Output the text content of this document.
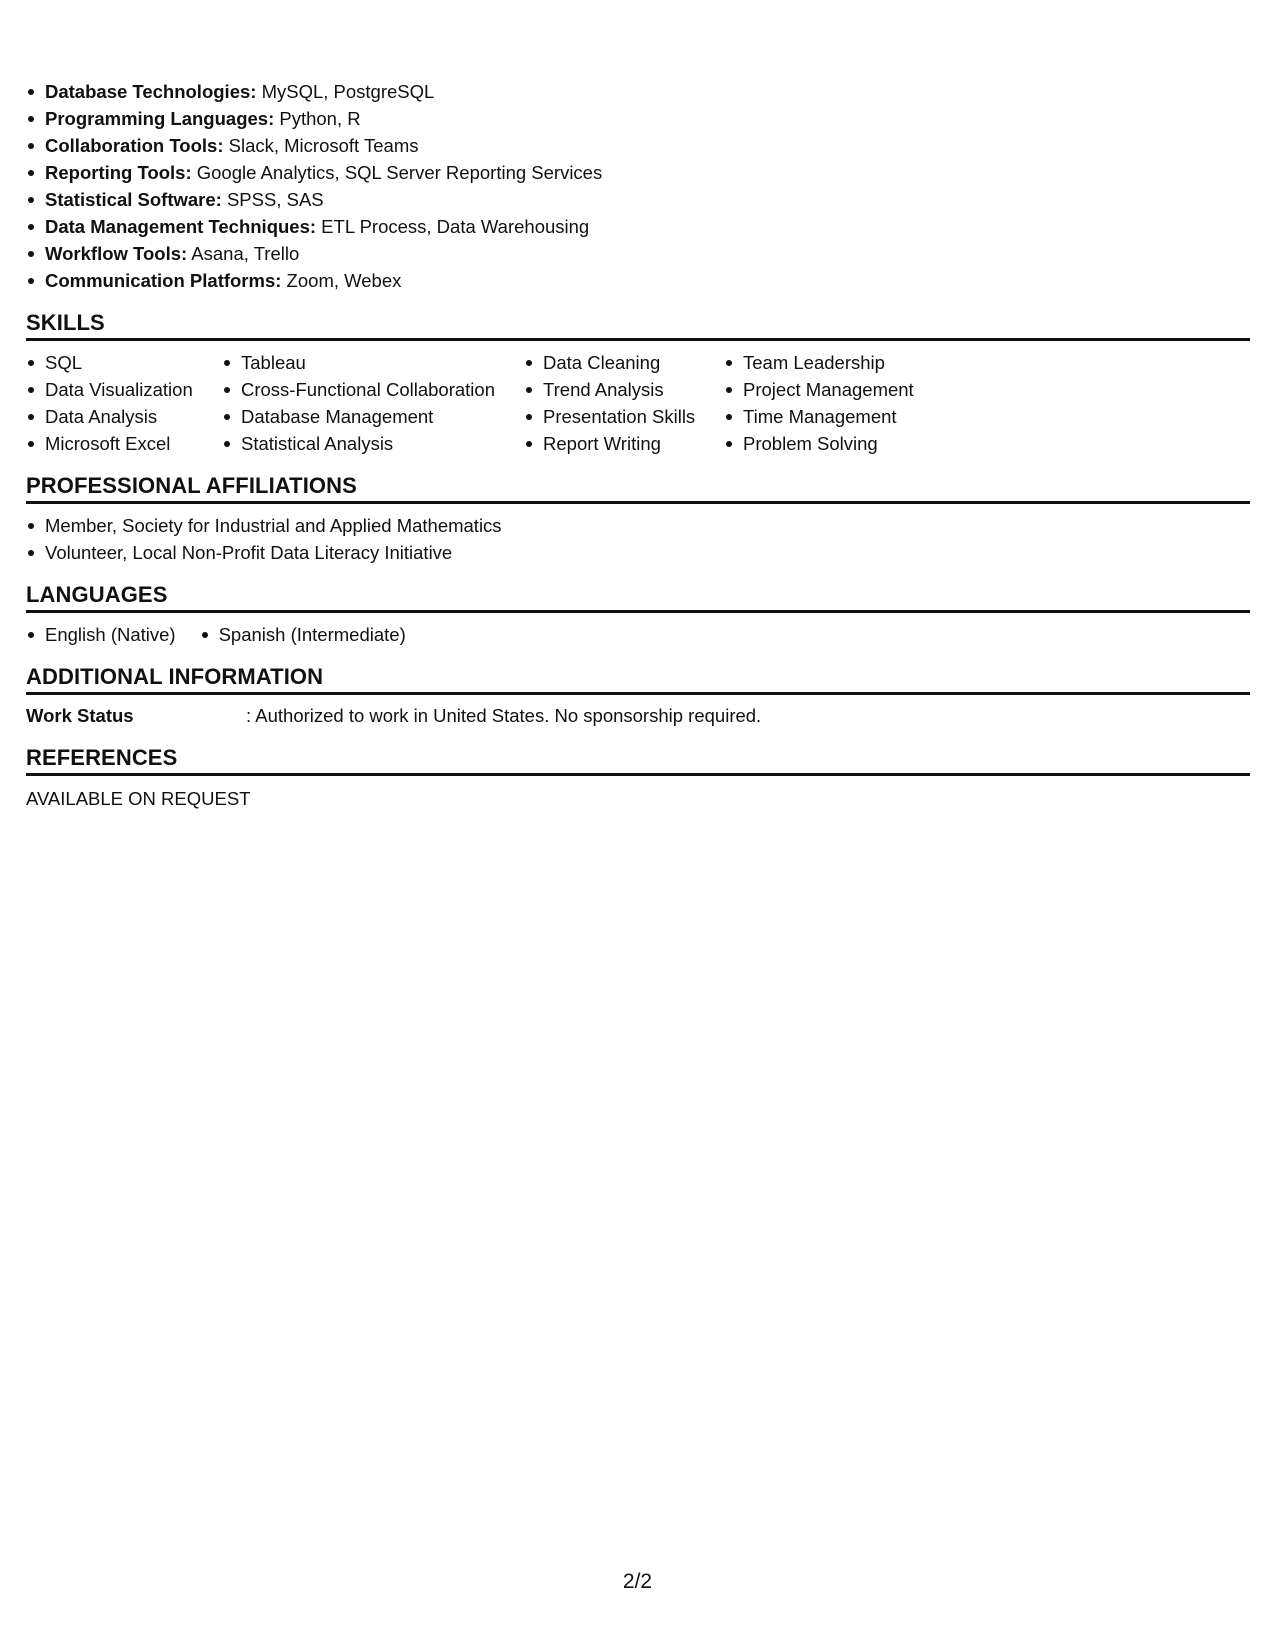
Database Technologies: MySQL, PostgreSQL
Programming Languages: Python, R
Collaboration Tools: Slack, Microsoft Teams
Reporting Tools: Google Analytics, SQL Server Reporting Services
Statistical Software: SPSS, SAS
Data Management Techniques: ETL Process, Data Warehousing
Workflow Tools: Asana, Trello
Communication Platforms: Zoom, Webex
SKILLS
SQL
Data Visualization
Data Analysis
Microsoft Excel
Tableau
Cross-Functional Collaboration
Database Management
Statistical Analysis
Data Cleaning
Trend Analysis
Presentation Skills
Report Writing
Team Leadership
Project Management
Time Management
Problem Solving
PROFESSIONAL AFFILIATIONS
Member, Society for Industrial and Applied Mathematics
Volunteer, Local Non-Profit Data Literacy Initiative
LANGUAGES
English (Native)	Spanish (Intermediate)
ADDITIONAL INFORMATION
Work Status	: Authorized to work in United States. No sponsorship required.
REFERENCES
AVAILABLE ON REQUEST
2/2
